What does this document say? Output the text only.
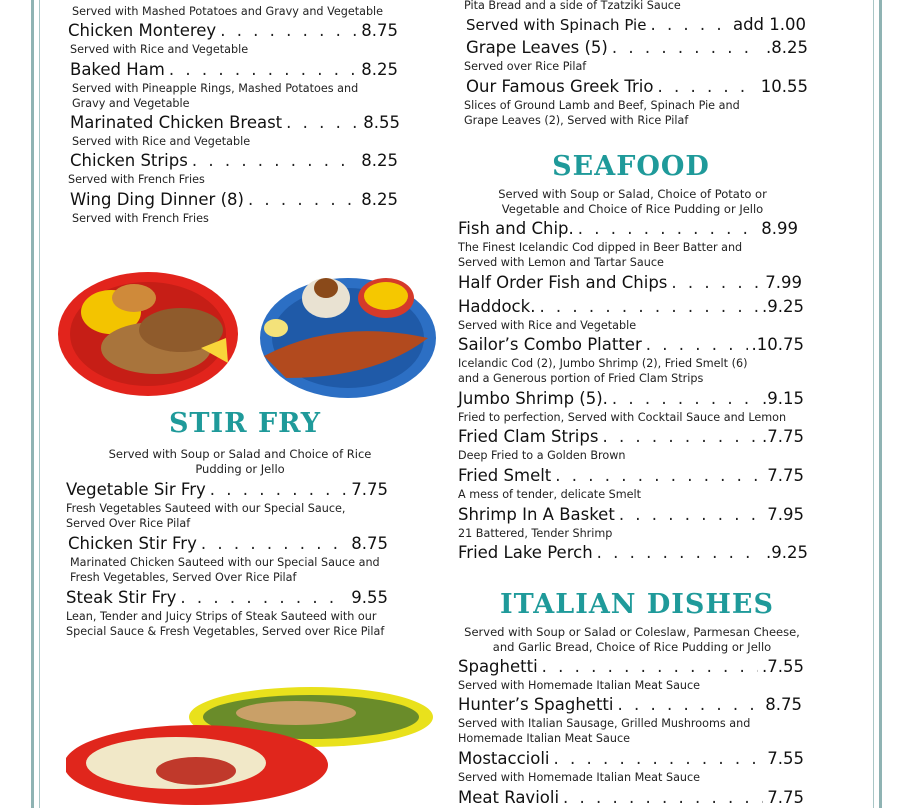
Served with Mashed Potatoes and Gravy and Vegetable
Chicken Monterey . . .	8.75
Served with Rice and Vegetable
Baked Ham . . .	8.25
Served with Pineapple Rings, Mashed Potatoes and Gravy and Vegetable
Marinated Chicken Breast . . .	8.55
Served with Rice and Vegetable
Chicken Strips . . .	8.25
Served with French Fries
Wing Ding Dinner (8) . . .	8.25
Served with French Fries
STIR FRY
Served with Soup or Salad and Choice of Rice Pudding or Jello
Vegetable Sir Fry . . .	7.75
Fresh Vegetables Sauteed with our Special Sauce, Served Over Rice Pilaf
Chicken Stir Fry . . .	8.75
Marinated Chicken Sauteed with our Special Sauce and Fresh Vegetables, Served Over Rice Pilaf
Steak Stir Fry . . .	9.55
Lean, Tender and Juicy Strips of Steak Sauteed with our Special Sauce & Fresh Vegetables, Served over Rice Pilaf
Pita Bread and a side of Tzatziki Sauce
Served with Spinach Pie . . .	add 1.00
Grape Leaves (5) . . .	.8.25
Served over Rice Pilaf
Our Famous Greek Trio . . .	10.55
Slices of Ground Lamb and Beef, Spinach Pie and Grape Leaves (2), Served with Rice Pilaf
SEAFOOD
Served with Soup or Salad, Choice of Potato or Vegetable and Choice of Rice Pudding or Jello
Fish and Chip. . . .	8.99
The Finest Icelandic Cod dipped in Beer Batter and Served with Lemon and Tartar Sauce
Half Order Fish and Chips . . .	7.99
Haddock. . . .	.9.25
Served with Rice and Vegetable
Sailor’s Combo Platter . . .	.10.75
Icelandic Cod (2), Jumbo Shrimp (2), Fried Smelt (6) and a Generous portion of Fried Clam Strips
Jumbo Shrimp (5). . . .	.9.15
Fried to perfection, Served with Cocktail Sauce and Lemon
Fried Clam Strips . . .	.7.75
Deep Fried to a Golden Brown
Fried Smelt . . .	7.75
A mess of tender, delicate Smelt
Shrimp In A Basket . . .	7.95
21 Battered, Tender Shrimp
Fried Lake Perch . . .	.9.25
ITALIAN DISHES
Served with Soup or Salad or Coleslaw, Parmesan Cheese, and Garlic Bread, Choice of Rice Pudding or Jello
Spaghetti . . .	.7.55
Served with Homemade Italian Meat Sauce
Hunter’s Spaghetti . . .	8.75
Served with Italian Sausage, Grilled Mushrooms and Homemade Italian Meat Sauce
Mostaccioli . . .	7.55
Served with Homemade Italian Meat Sauce
Meat Ravioli . . .	7.75
